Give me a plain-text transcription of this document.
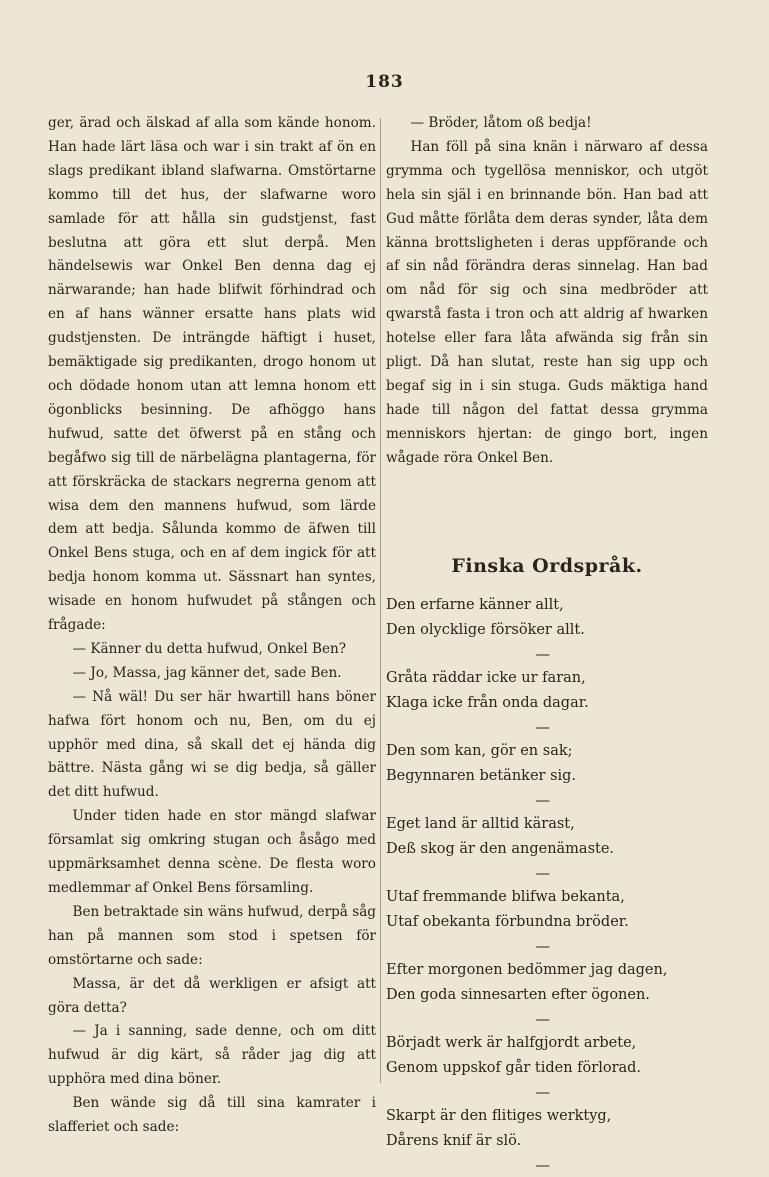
183

ger, ärad och älskad af alla som kände honom. Han hade lärt läsa och war i sin trakt af ön en slags predikant ibland slafwarna. Omstörtarne kommo till det hus, der slafwarne woro samlade för att hålla sin gudstjenst, fast beslutna att göra ett slut derpå. Men händelsewis war Onkel Ben denna dag ej närwarande; han hade blifwit förhindrad och en af hans wänner ersatte hans plats wid gudstjensten. De inträngde häftigt i huset, bemäktigade sig predikanten, drogo honom ut och dödade honom utan att lemna honom ett ögonblicks besinning. De afhöggo hans hufwud, satte det öfwerst på en stång och begåfwo sig till de närbelägna plantagerna, för att förskräcka de stackars negrerna genom att wisa dem den mannens hufwud, som lärde dem att bedja. Sålunda kommo de äfwen till Onkel Bens stuga, och en af dem ingick för att bedja honom komma ut. Sässnart han syntes, wisade en honom hufwudet på stången och frågade:

— Känner du detta hufwud, Onkel Ben?

— Jo, Massa, jag känner det, sade Ben.

— Nå wäl! Du ser här hwartill hans böner hafwa fört honom och nu, Ben, om du ej upphör med dina, så skall det ej hända dig bättre. Nästa gång wi se dig bedja, så gäller det ditt hufwud.

Under tiden hade en stor mängd slafwar församlat sig omkring stugan och åsågo med uppmärksamhet denna scène. De flesta woro medlemmar af Onkel Bens församling.

Ben betraktade sin wäns hufwud, derpå såg han på mannen som stod i spetsen för omstörtarne och sade:

Massa, är det då werkligen er afsigt att göra detta?

— Ja i sanning, sade denne, och om ditt hufwud är dig kärt, så råder jag dig att upphöra med dina böner.

Ben wände sig då till sina kamrater i slafferiet och sade:

— Bröder, låtom oß bedja!

Han föll på sina knän i närwaro af dessa grymma och tygellösa menniskor, och utgöt hela sin själ i en brinnande bön. Han bad att Gud måtte förlåta dem deras synder, låta dem känna brottsligheten i deras uppförande och af sin nåd förändra deras sinnelag. Han bad om nåd för sig och sina medbröder att qwarstå fasta i tron och att aldrig af hwarken hotelse eller fara låta afwända sig från sin pligt. Då han slutat, reste han sig upp och begaf sig in i sin stuga. Guds mäktiga hand hade till någon del fattat dessa grymma menniskors hjertan: de gingo bort, ingen wågade röra Onkel Ben.

Finska Ordspråk.
Den erfarne känner allt,
Den olycklige försöker allt.
—
Gråta räddar icke ur faran,
Klaga icke från onda dagar.
—
Den som kan, gör en sak;
Begynnaren betänker sig.
—
Eget land är alltid kärast,
Deß skog är den angenämaste.
—
Utaf fremmande blifwa bekanta,
Utaf obekanta förbundna bröder.
—
Efter morgonen bedömmer jag dagen,
Den goda sinnesarten efter ögonen.
—
Börjadt werk är halfgjordt arbete,
Genom uppskof går tiden förlorad.
—
Skarpt är den flitiges werktyg,
Dårens knif är slö.
—
